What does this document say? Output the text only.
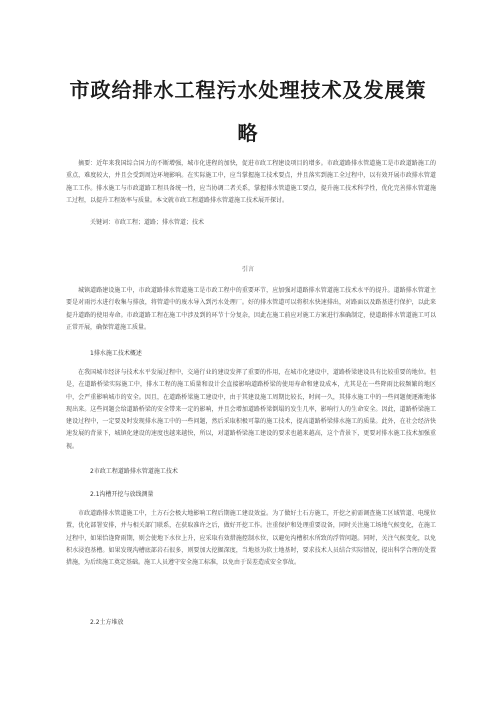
市政给排水工程污水处理技术及发展策
略

摘要：近年来我国综合国力的不断增强，城市化进程的加快，促进市政工程建设项目的增多。市政道路排水管道施工是市政道路施工的重点，难度较大，并且会受到周边环境影响。在实际施工中，应当掌握施工技术要点，并且落实到施工全过程中，以有效开展市政排水管道施工工作。排水施工与市政道路工程具备统一性，应当协调二者关系，掌握排水管道施工要点，提升施工技术科学性，优化完善排水管道施工过程，以提升工程效率与质量。本文就市政工程道路排水管道施工技术展开探讨。

关键词：市政工程；道路；排水管道；技术
引言

城镇道路建设施工中，市政道路排水管道施工是市政工程中的重要环节，应加强对道路排水管道施工技术水平的提升。道路排水管道主要是对雨污水进行收集与排放，将管道中的废水导入到污水处理厂。好的排水管道可以将积水快速排出，对路面以及路基进行保护，以此来提升道路的使用寿命。市政道路工程在施工中涉及到的环节十分复杂，因此在施工前应对施工方案进行准确制定，使道路排水管道施工可以正常开展，确保管道施工质量。

1排水施工技术概述

在我国城市经济与技术水平发展过程中，交通行业的建设发挥了重要的作用，在城市化建设中，道路桥梁建设具有比较重要的地位。但是，在道路桥梁实际施工中，排水工程的施工质量和设计会直接影响道路桥梁的使用寿命和建设成本，尤其是在一些降雨比较频繁的地区中，会严重影响城市的安全。因且，在道路桥梁施工建设中，由于其建设施工周期比较长，时间一久，其排水施工中的一些问题便逐渐地体现出来。这些问题会给道路桥梁的安全带来一定的影响，并且会增加道路桥梁倒塌的发生几率，影响行人的生命安全。因此，道路桥梁施工建设过程中，一定要及时发现排水施工中的一些问题，然后采取积极可靠的施工技术，提高道路桥梁排水施工的质量。此外，在社会经济快速发展的背景下，城镇化建设的速度也越来越快，所以，对道路桥梁施工建设的要求也越来越高，这个背景下，更要对排水施工技术加强重视。

2市政工程道路排水管道施工技术
2.1沟槽开挖与放线测量

市政道路排水管道施工中，土方石会极大地影响工程后期施工建设效益。为了做好土石方施工，开挖之前需调查施工区域管道、电缆位置，优化部署安排，并与相关部门联系，在获取准许之后，做好开挖工作。注重保护和处理重要设备，同时关注施工场地气候变化，在施工过程中，如果恰逢降雨期，则会使地下水位上升，应采取有效措施控制水位，以避免沟槽积水所致的浮管问题。同时，关注气候变化，以免积水浸泡基槽。如果发现沟槽底部岩石很多，则要加大挖掘深度，当地基为软土地基时，要求技术人员结合实际情况，提出科学合理的处置措施，为后续施工奠定基础。施工人员遵守安全施工标准，以免由于误差造成安全事故。

2.2土方堆放
